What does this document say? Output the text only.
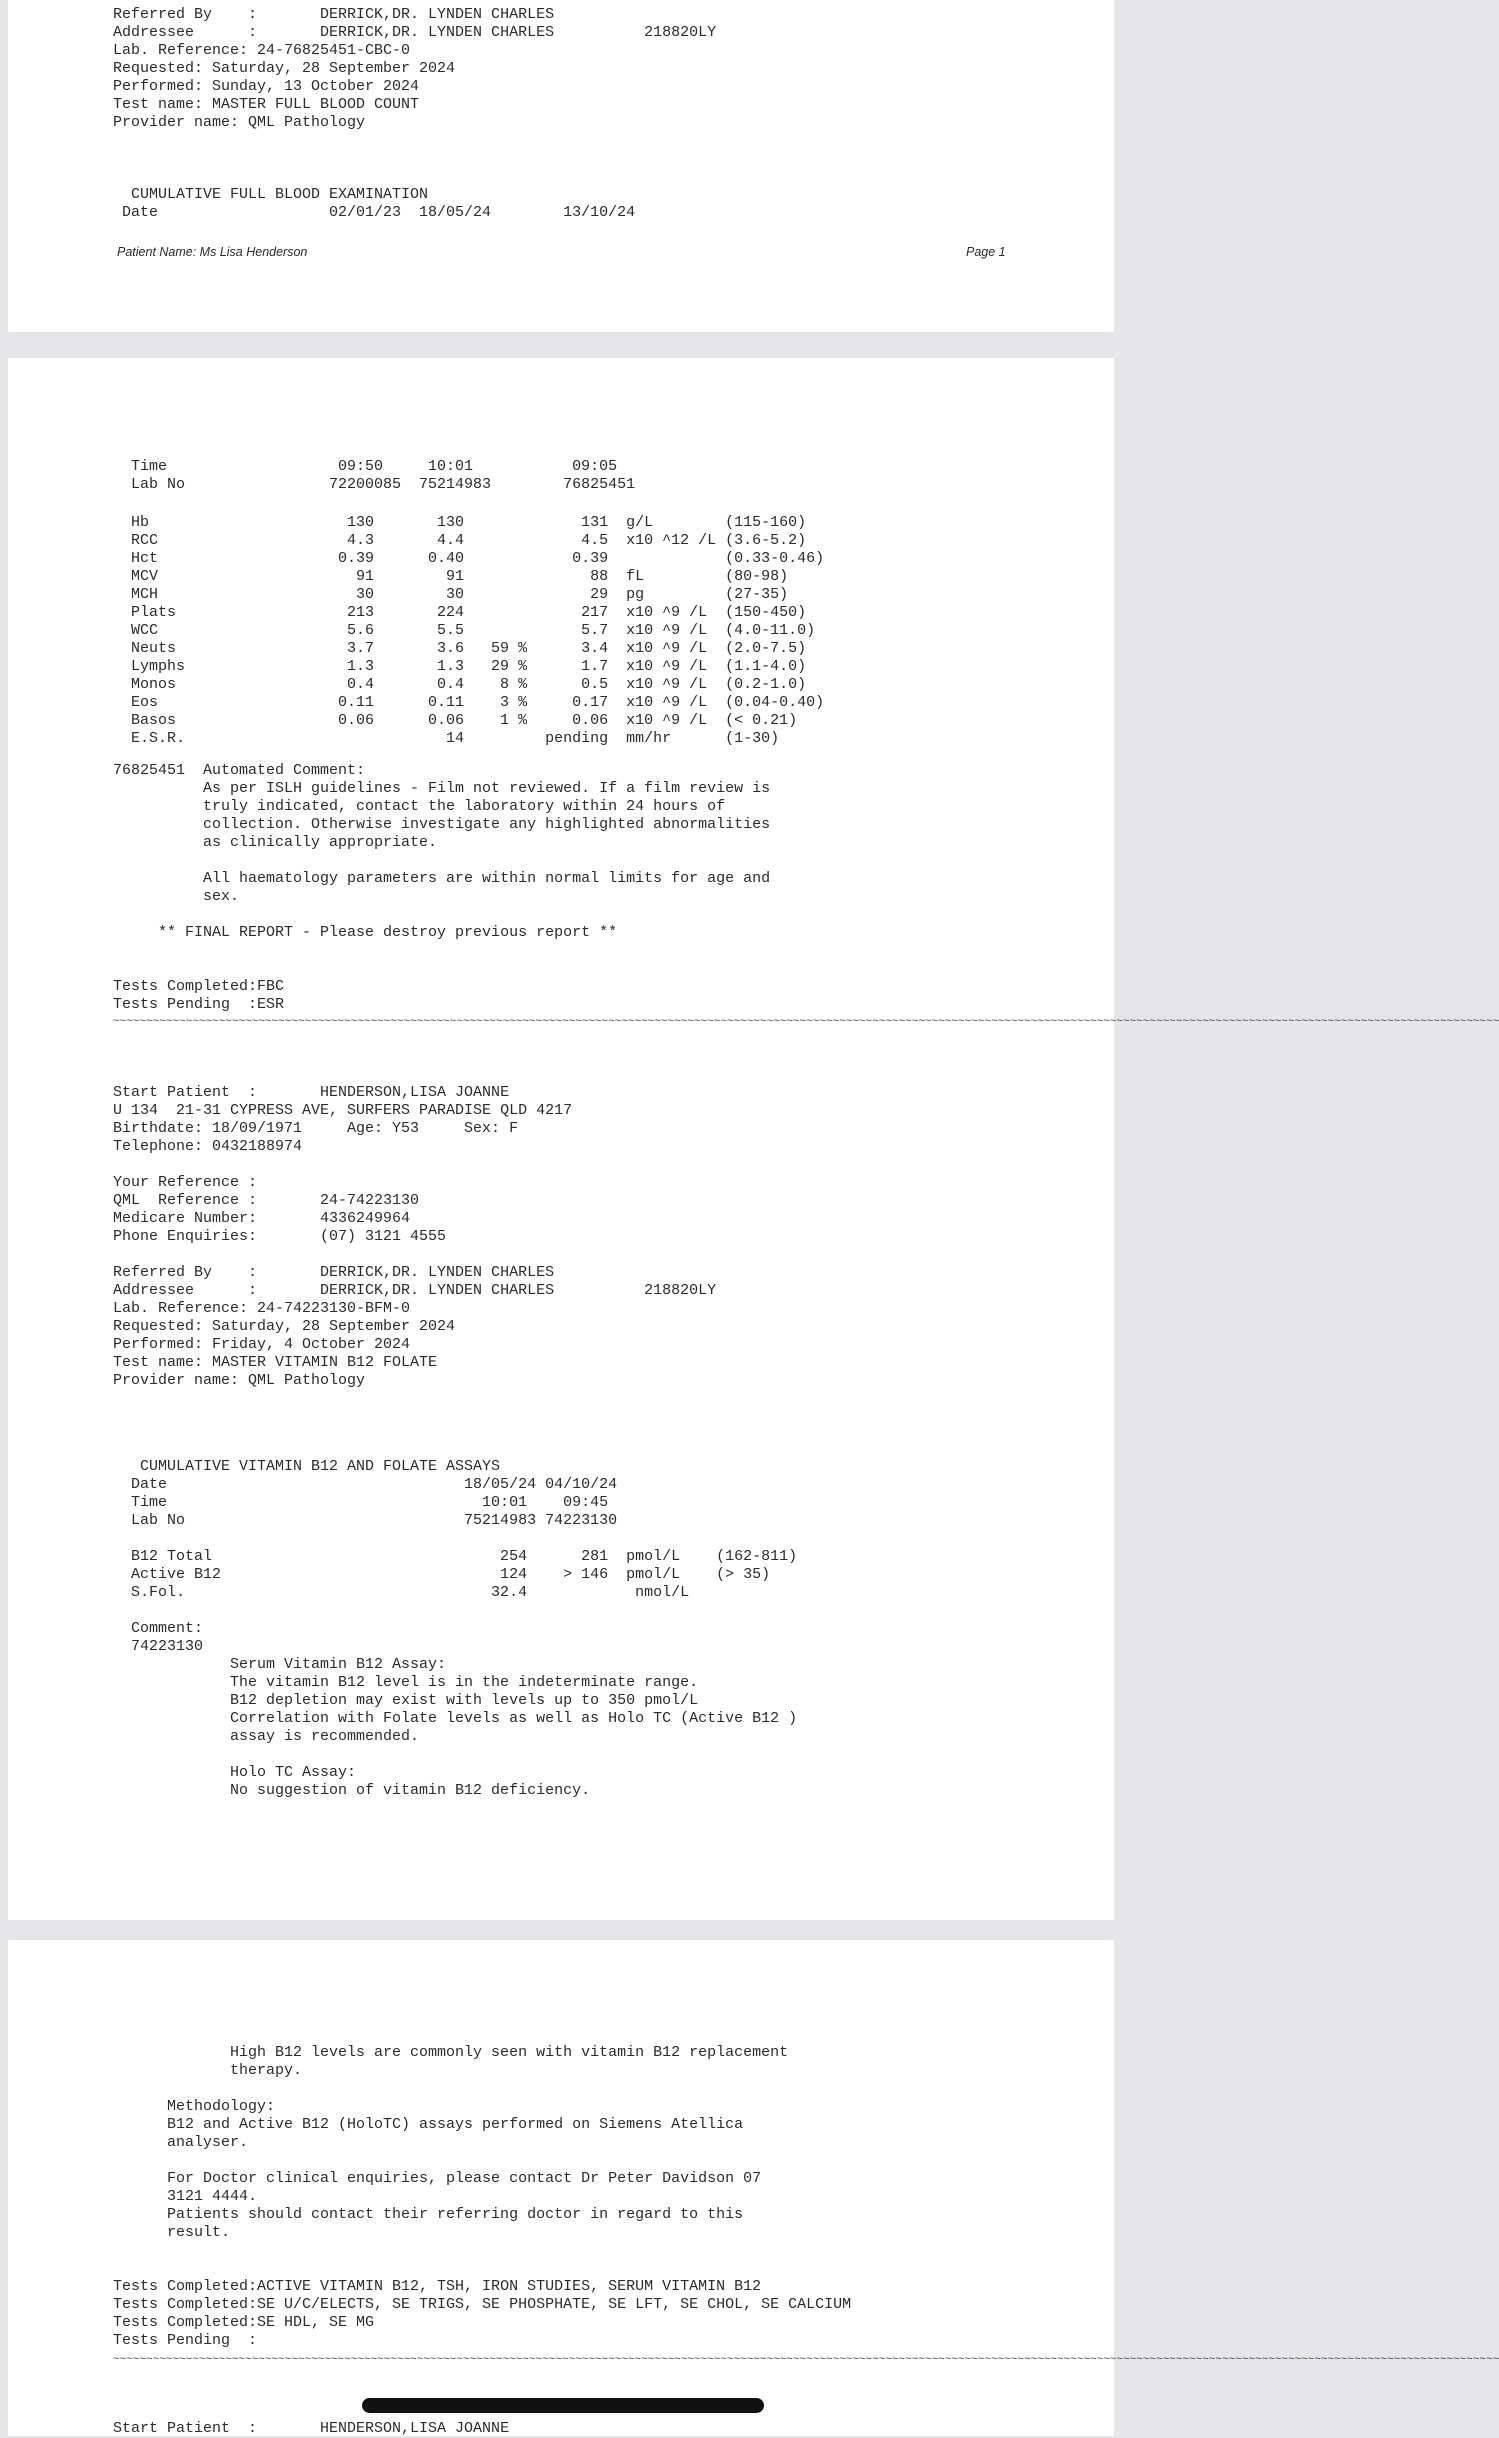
Referred By    :       DERRICK,DR. LYNDEN CHARLES
Addressee      :       DERRICK,DR. LYNDEN CHARLES          218820LY
Lab. Reference: 24-76825451-CBC-0
Requested: Saturday, 28 September 2024
Performed: Sunday, 13 October 2024
Test name: MASTER FULL BLOOD COUNT
Provider name: QML Pathology
CUMULATIVE FULL BLOOD EXAMINATION
Date                   02/01/23  18/05/24        13/10/24
Patient Name: Ms Lisa Henderson	Page 1
Time                   09:50     10:01           09:05
Lab No                72200085  75214983        76825451
Hb                      130       130             131  g/L        (115-160)
RCC                     4.3       4.4             4.5  x10 ^12 /L (3.6-5.2)
Hct                    0.39      0.40            0.39             (0.33-0.46)
MCV                      91        91              88  fL         (80-98)
MCH                      30        30              29  pg         (27-35)
Plats                   213       224             217  x10 ^9 /L  (150-450)
WCC                     5.6       5.5             5.7  x10 ^9 /L  (4.0-11.0)
Neuts                   3.7       3.6   59 %      3.4  x10 ^9 /L  (2.0-7.5)
Lymphs                  1.3       1.3   29 %      1.7  x10 ^9 /L  (1.1-4.0)
Monos                   0.4       0.4    8 %      0.5  x10 ^9 /L  (0.2-1.0)
Eos                    0.11      0.11    3 %     0.17  x10 ^9 /L  (0.04-0.40)
Basos                  0.06      0.06    1 %     0.06  x10 ^9 /L  (< 0.21)
E.S.R.                             14         pending  mm/hr      (1-30)
76825451  Automated Comment:
As per ISLH guidelines - Film not reviewed. If a film review is
truly indicated, contact the laboratory within 24 hours of
collection. Otherwise investigate any highlighted abnormalities
as clinically appropriate.
All haematology parameters are within normal limits for age and
sex.
** FINAL REPORT - Please destroy previous report **
Tests Completed:FBC
Tests Pending  :ESR
~~~~~~~~~~~~~~~~~~~~~~~~~~~~~~~~~~~~~~~~~~~~~~~~~~~~~~~~~~~~~~~~~~~~~~~~~~~~~~~~~~~~~~~~~~~~~~~~~~~~~~~~~~~~~~~~~~~~~~~~~~~~~~~~~~~~~~~~~~~~~~~~~~~~~~~~~~~~~~~~~~~~~~~~~~~~~~~~~~~~~~~~~~~~~~~~~~~~~~~~~~~~~~~~~~
Start Patient  :       HENDERSON,LISA JOANNE
U 134  21-31 CYPRESS AVE, SURFERS PARADISE QLD 4217
Birthdate: 18/09/1971     Age: Y53     Sex: F
Telephone: 0432188974
Your Reference :
QML  Reference :       24-74223130
Medicare Number:       4336249964
Phone Enquiries:       (07) 3121 4555
Referred By    :       DERRICK,DR. LYNDEN CHARLES
Addressee      :       DERRICK,DR. LYNDEN CHARLES          218820LY
Lab. Reference: 24-74223130-BFM-0
Requested: Saturday, 28 September 2024
Performed: Friday, 4 October 2024
Test name: MASTER VITAMIN B12 FOLATE
Provider name: QML Pathology
CUMULATIVE VITAMIN B12 AND FOLATE ASSAYS
Date                                 18/05/24 04/10/24
Time                                   10:01    09:45
Lab No                               75214983 74223130
B12 Total                                254      281  pmol/L    (162-811)
Active B12                               124    > 146  pmol/L    (> 35)
S.Fol.                                  32.4            nmol/L
Comment:
74223130
Serum Vitamin B12 Assay:
The vitamin B12 level is in the indeterminate range.
B12 depletion may exist with levels up to 350 pmol/L
Correlation with Folate levels as well as Holo TC (Active B12 )
assay is recommended.
Holo TC Assay:
No suggestion of vitamin B12 deficiency.
High B12 levels are commonly seen with vitamin B12 replacement
therapy.
Methodology:
B12 and Active B12 (HoloTC) assays performed on Siemens Atellica
analyser.
For Doctor clinical enquiries, please contact Dr Peter Davidson 07
3121 4444.
Patients should contact their referring doctor in regard to this
result.
Tests Completed:ACTIVE VITAMIN B12, TSH, IRON STUDIES, SERUM VITAMIN B12
Tests Completed:SE U/C/ELECTS, SE TRIGS, SE PHOSPHATE, SE LFT, SE CHOL, SE CALCIUM
Tests Completed:SE HDL, SE MG
Tests Pending  :
~~~~~~~~~~~~~~~~~~~~~~~~~~~~~~~~~~~~~~~~~~~~~~~~~~~~~~~~~~~~~~~~~~~~~~~~~~~~~~~~~~~~~~~~~~~~~~~~~~~~~~~~~~~~~~~~~~~~~~~~~~~~~~~~~~~~~~~~~~~~~~~~~~~~~~~~~~~~~~~~~~~~~~~~~~~~~~~~~~~~~~~~~~~~~~~~~~~~~~~~~~~~~~~~~~
Start Patient  :       HENDERSON,LISA JOANNE
